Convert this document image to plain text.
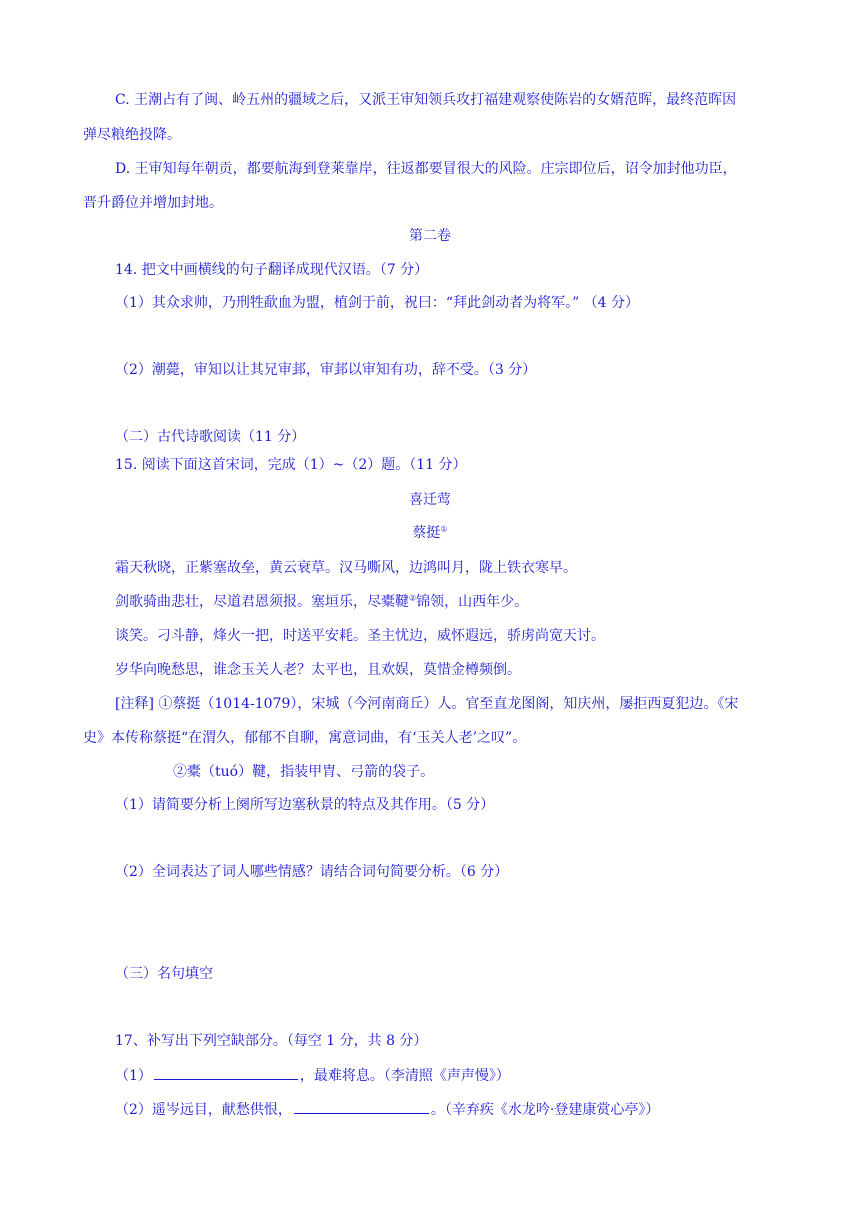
C. 王潮占有了闽、岭五州的疆域之后，又派王审知领兵攻打福建观察使陈岩的女婿范晖，最终范晖因
弹尽粮绝投降。
D. 王审知每年朝贡，都要航海到登莱靠岸，往返都要冒很大的风险。庄宗即位后，诏令加封他功臣，
晋升爵位并增加封地。
第二卷
14. 把文中画横线的句子翻译成现代汉语。（7 分）
（1）其众求帅，乃刑牲歃血为盟，植剑于前，祝曰：“拜此剑动者为将军。” （4 分）
（2）潮薨，审知以让其兄审邽，审邽以审知有功，辞不受。（3 分）
（二）古代诗歌阅读（11 分）
15. 阅读下面这首宋词，完成（1）~（2）题。（11 分）
喜迁莺
蔡挺①
霜天秋晓，正紫塞故垒，黄云衰草。汉马嘶风，边鸿叫月，陇上铁衣寒早。
剑歌骑曲悲壮，尽道君恩须报。塞垣乐，尽橐鞬②锦领，山西年少。
谈笑。刁斗静，烽火一把，时送平安耗。圣主忧边，威怀遐远，骄虏尚宽天讨。
岁华向晚愁思，谁念玉关人老？太平也，且欢娱，莫惜金樽频倒。
[注释] ①蔡挺（1014-1079），宋城（今河南商丘）人。官至直龙图阁，知庆州，屡拒西夏犯边。《宋
史》本传称蔡挺“在渭久，郁郁不自聊，寓意词曲，有‘玉关人老’之叹”。
②橐（tuó）鞬，指装甲胄、弓箭的袋子。
（1）请简要分析上阕所写边塞秋景的特点及其作用。（5 分）
（2）全词表达了词人哪些情感？请结合词句简要分析。（6 分）
（三）名句填空
17、补写出下列空缺部分。（每空 1 分，共 8 分）
（1）	，最难将息。（李清照《声声慢》）
（2）遥岑远目，献愁供恨，	。（辛弃疾《水龙吟·登建康赏心亭》）
